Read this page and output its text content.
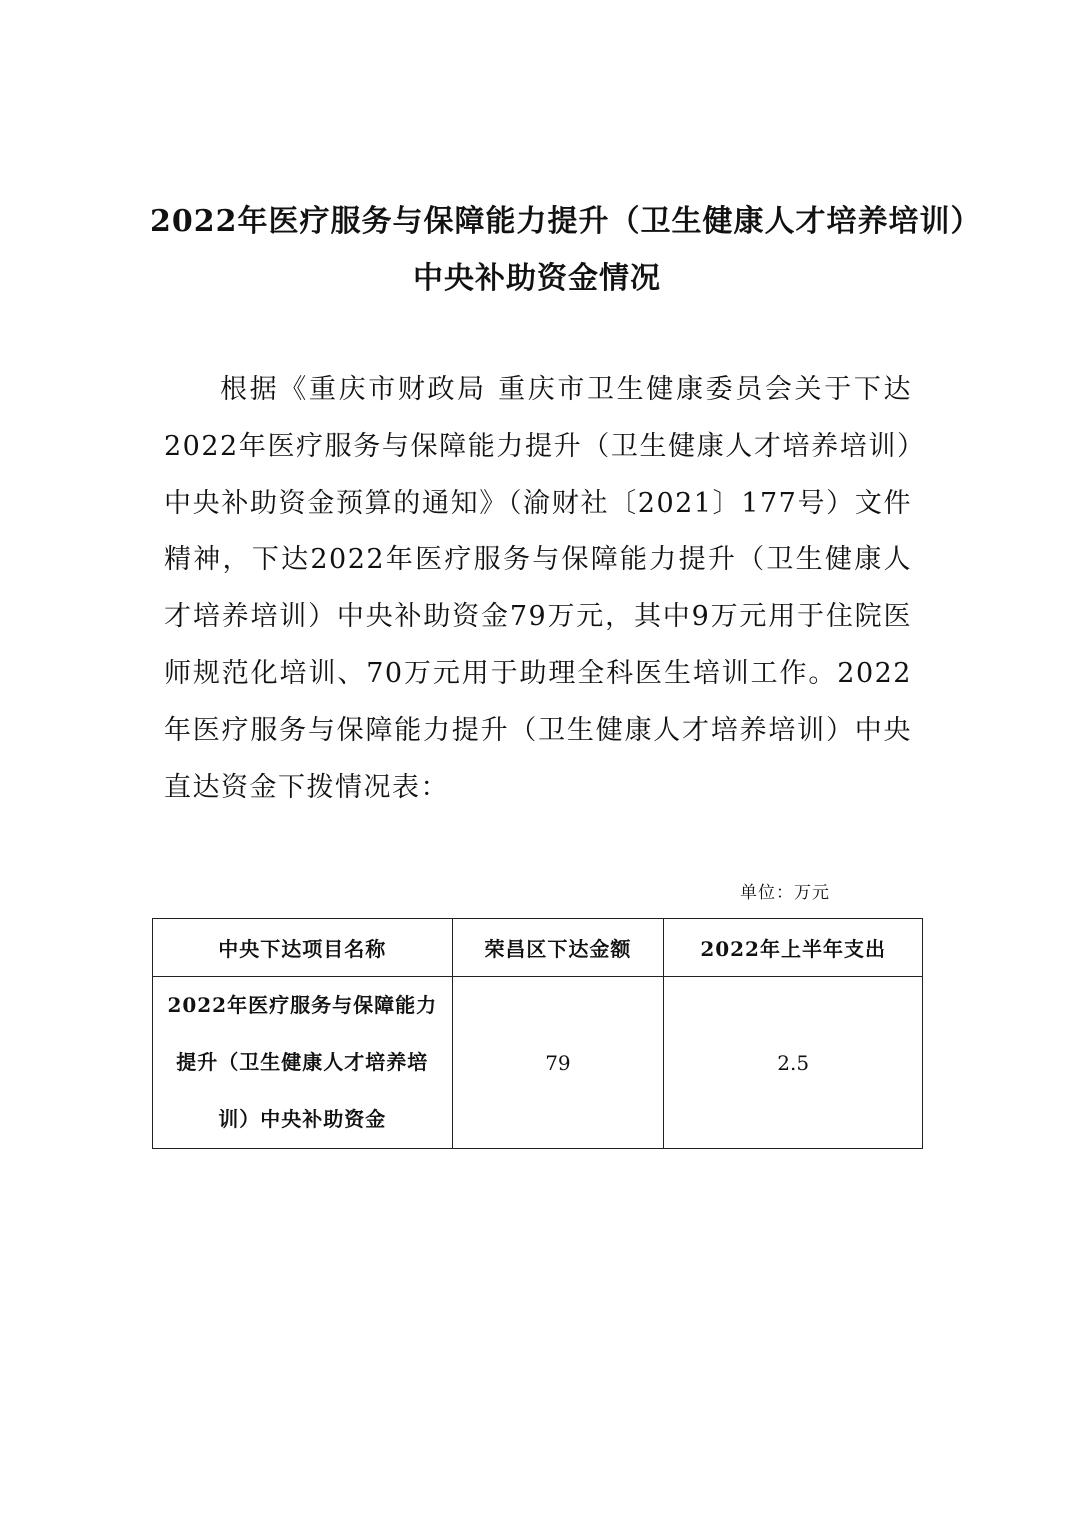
2022年医疗服务与保障能力提升（卫生健康人才培养培训）
中央补助资金情况

根据《重庆市财政局 重庆市卫生健康委员会关于下达2022年医疗服务与保障能力提升（卫生健康人才培养培训）中央补助资金预算的通知》（渝财社〔2021〕177号）文件精神，下达2022年医疗服务与保障能力提升（卫生健康人才培养培训）中央补助资金79万元，其中9万元用于住院医师规范化培训、70万元用于助理全科医生培训工作。2022年医疗服务与保障能力提升（卫生健康人才培养培训）中央直达资金下拨情况表：

单位：万元
中央下达项目名称	荣昌区下达金额	2022年上半年支出

2022年医疗服务与保障能力提升（卫生健康人才培养培训）中央补助资金	79	2.5
